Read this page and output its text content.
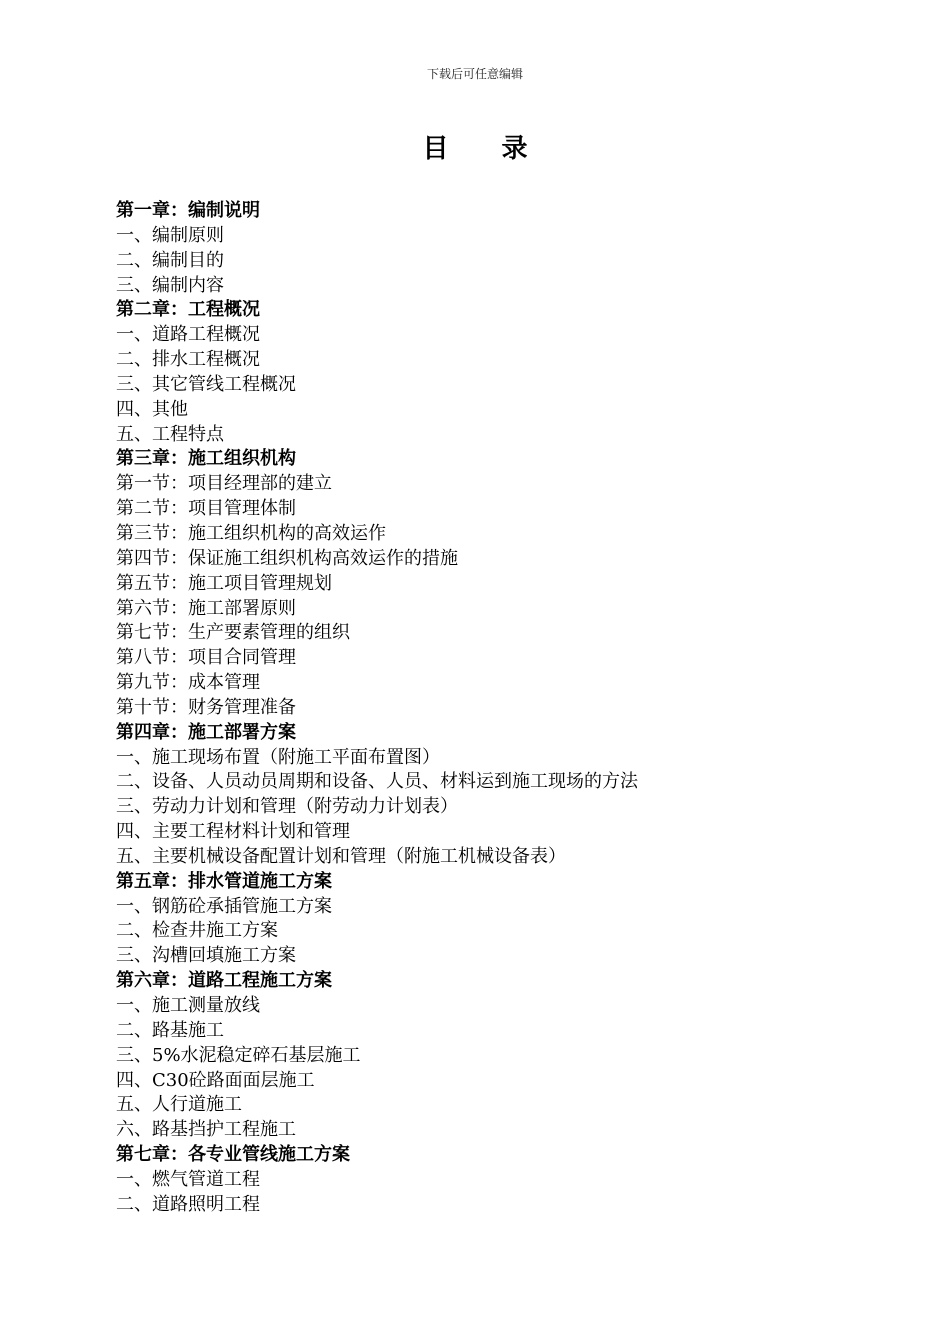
下载后可任意编辑
目 录
第一章：编制说明
一、编制原则
二、编制目的
三、编制内容
第二章：工程概况
一、道路工程概况
二、排水工程概况
三、其它管线工程概况
四、其他
五、工程特点
第三章：施工组织机构
第一节：项目经理部的建立
第二节：项目管理体制
第三节：施工组织机构的高效运作
第四节：保证施工组织机构高效运作的措施
第五节：施工项目管理规划
第六节：施工部署原则
第七节：生产要素管理的组织
第八节：项目合同管理
第九节：成本管理
第十节：财务管理准备
第四章：施工部署方案
一、施工现场布置（附施工平面布置图）
二、设备、人员动员周期和设备、人员、材料运到施工现场的方法
三、劳动力计划和管理（附劳动力计划表）
四、主要工程材料计划和管理
五、主要机械设备配置计划和管理（附施工机械设备表）
第五章：排水管道施工方案
一、钢筋砼承插管施工方案
二、检查井施工方案
三、沟槽回填施工方案
第六章：道路工程施工方案
一、施工测量放线
二、路基施工
三、5%水泥稳定碎石基层施工
四、C30砼路面面层施工
五、人行道施工
六、路基挡护工程施工
第七章：各专业管线施工方案
一、燃气管道工程
二、道路照明工程
